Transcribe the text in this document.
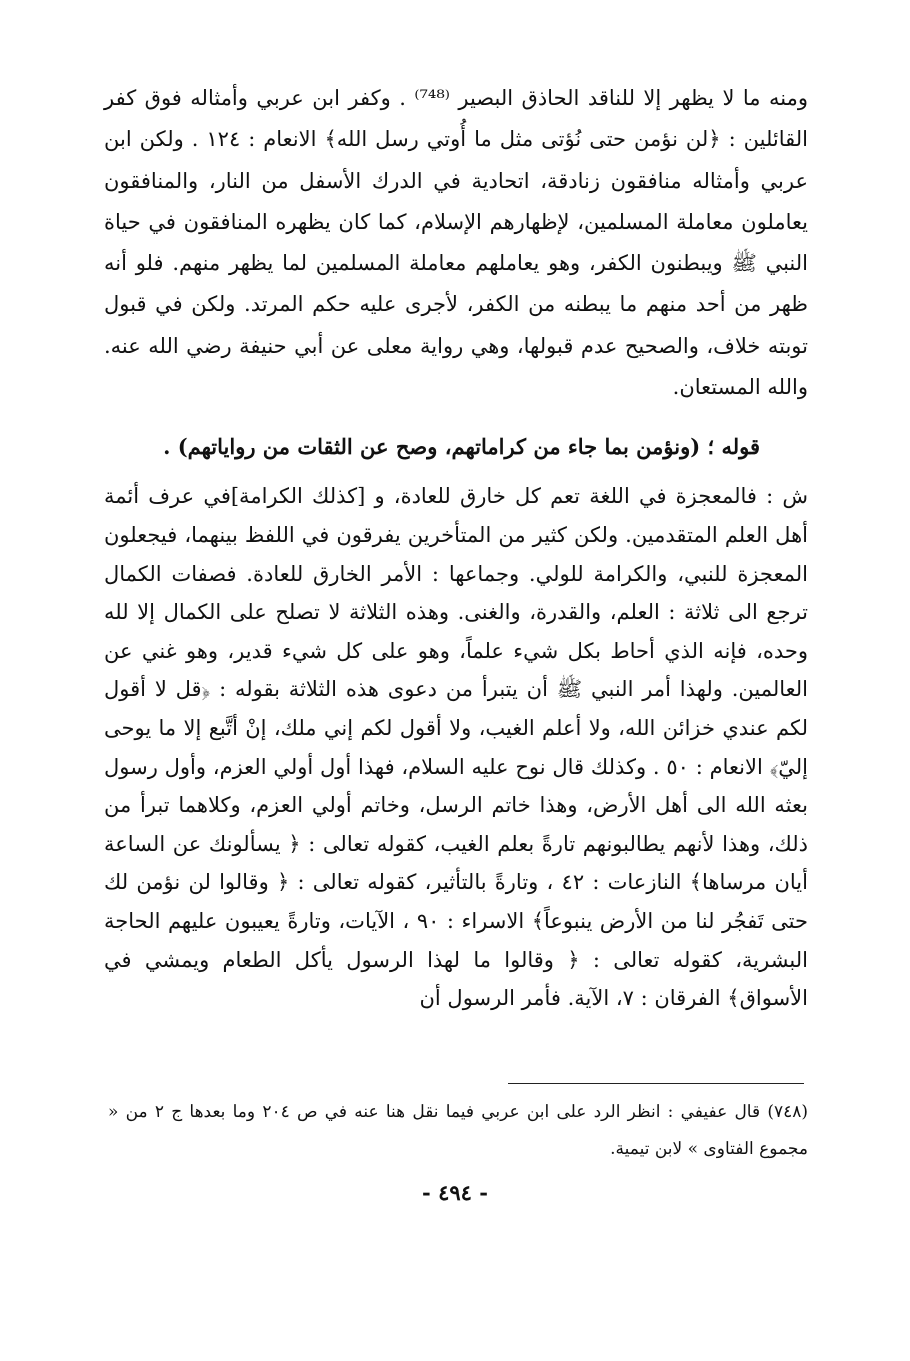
ومنه ما لا يظهر إلا للناقد الحاذق البصير ⁽⁷⁴⁸⁾ . وكفر ابن عربي وأمثاله فوق كفر القائلين : ﴿لن نؤمن حتى نُؤتى مثل ما أُوتي رسل الله﴾ الانعام : ١٢٤ . ولكن ابن عربي وأمثاله منافقون زنادقة، اتحادية في الدرك الأسفل من النار، والمنافقون يعاملون معاملة المسلمين، لإظهارهم الإسلام، كما كان يظهره المنافقون في حياة النبي ﷺ ويبطنون الكفر، وهو يعاملهم معاملة المسلمين لما يظهر منهم. فلو أنه ظهر من أحد منهم ما يبطنه من الكفر، لأجرى عليه حكم المرتد. ولكن في قبول توبته خلاف، والصحيح عدم قبولها، وهي رواية معلى عن أبي حنيفة رضي الله عنه. والله المستعان.

قوله ؛ (ونؤمن بما جاء من كراماتهم، وصح عن الثقات من رواياتهم) .

ش : فالمعجزة في اللغة تعم كل خارق للعادة، و [كذلك الكرامة]في عرف أئمة أهل العلم المتقدمين. ولكن كثير من المتأخرين يفرقون في اللفظ بينهما، فيجعلون المعجزة للنبي، والكرامة للولي. وجماعها : الأمر الخارق للعادة. فصفات الكمال ترجع الى ثلاثة : العلم، والقدرة، والغنى. وهذه الثلاثة لا تصلح على الكمال إلا لله وحده، فإنه الذي أحاط بكل شيء علماً، وهو على كل شيء قدير، وهو غني عن العالمين. ولهذا أمر النبي ﷺ أن يتبرأ من دعوى هذه الثلاثة بقوله : ﴿قل لا أقول لكم عندي خزائن الله، ولا أعلم الغيب، ولا أقول لكم إني ملك، إنْ أتَّبع إلا ما يوحى إليّ﴾ الانعام : ٥٠ . وكذلك قال نوح عليه السلام، فهذا أول أولي العزم، وأول رسول بعثه الله الى أهل الأرض، وهذا خاتم الرسل، وخاتم أولي العزم، وكلاهما تبرأ من ذلك، وهذا لأنهم يطالبونهم تارةً بعلم الغيب، كقوله تعالى : ﴿ يسألونك عن الساعة أيان مرساها﴾ النازعات : ٤٢ ، وتارةً بالتأثير، كقوله تعالى : ﴿ وقالوا لن نؤمن لك حتى تَفجُر لنا من الأرض ينبوعاً﴾ الاسراء : ٩٠ ، الآيات، وتارةً يعيبون عليهم الحاجة البشرية، كقوله تعالى : ﴿ وقالوا ما لهذا الرسول يأكل الطعام ويمشي في الأسواق﴾ الفرقان : ٧، الآية. فأمر الرسول أن

(٧٤٨) قال عفيفي : انظر الرد على ابن عربي فيما نقل هنا عنه في ص ٢٠٤ وما بعدها ج ٢ من « مجموع الفتاوى » لابن تيمية.

- ٤٩٤ -
